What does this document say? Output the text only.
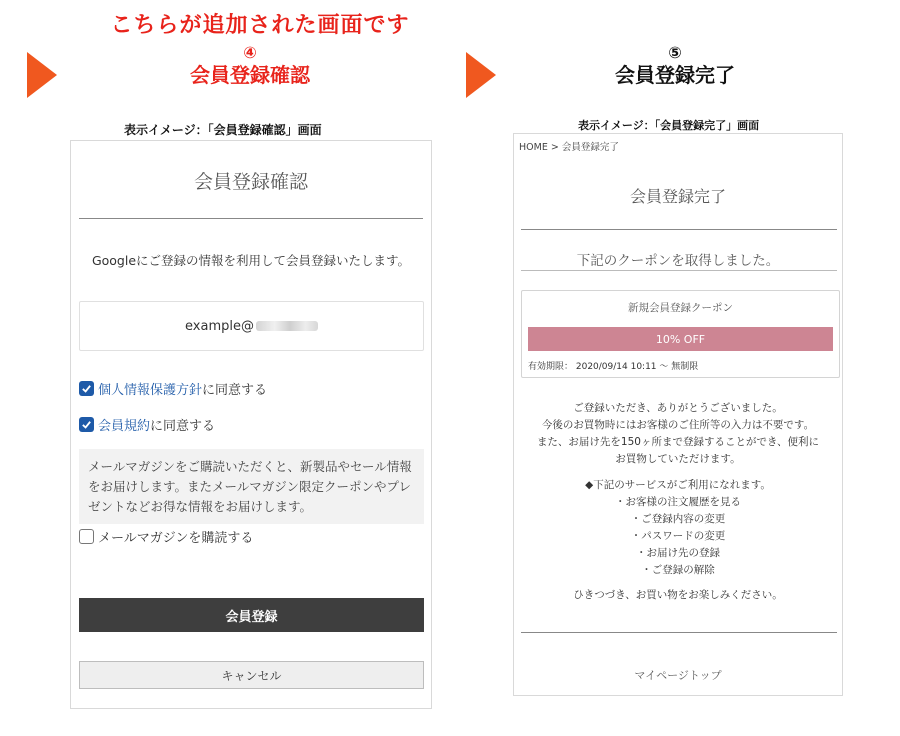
こちらが追加された画面です
④
会員登録確認
⑤
会員登録完了
表示イメージ：「会員登録確認」画面	表示イメージ：「会員登録完了」画面
会員登録確認
Googleにご登録の情報を利用して会員登録いたします。
example@
個人情報保護方針 に同意する
会員規約 に同意する
メールマガジンをご購読いただくと、新製品やセール情報をお届けします。またメールマガジン限定クーポンやプレゼントなどお得な情報をお届けします。
メールマガジンを購読する
会員登録
キャンセル
HOME > 会員登録完了
会員登録完了
下記のクーポンを取得しました。
新規会員登録クーポン
10% OFF
有効期限： 2020/09/14 10:11 〜 無制限
ご登録いただき、ありがとうございました。
今後のお買物時にはお客様のご住所等の入力は不要です。
また、お届け先を150ヶ所まで登録することができ、便利に
お買物していただけます。
◆下記のサービスがご利用になれます。
・お客様の注文履歴を見る
・ご登録内容の変更
・パスワードの変更
・お届け先の登録
・ご登録の解除
ひきつづき、お買い物をお楽しみください。
マイページトップ
